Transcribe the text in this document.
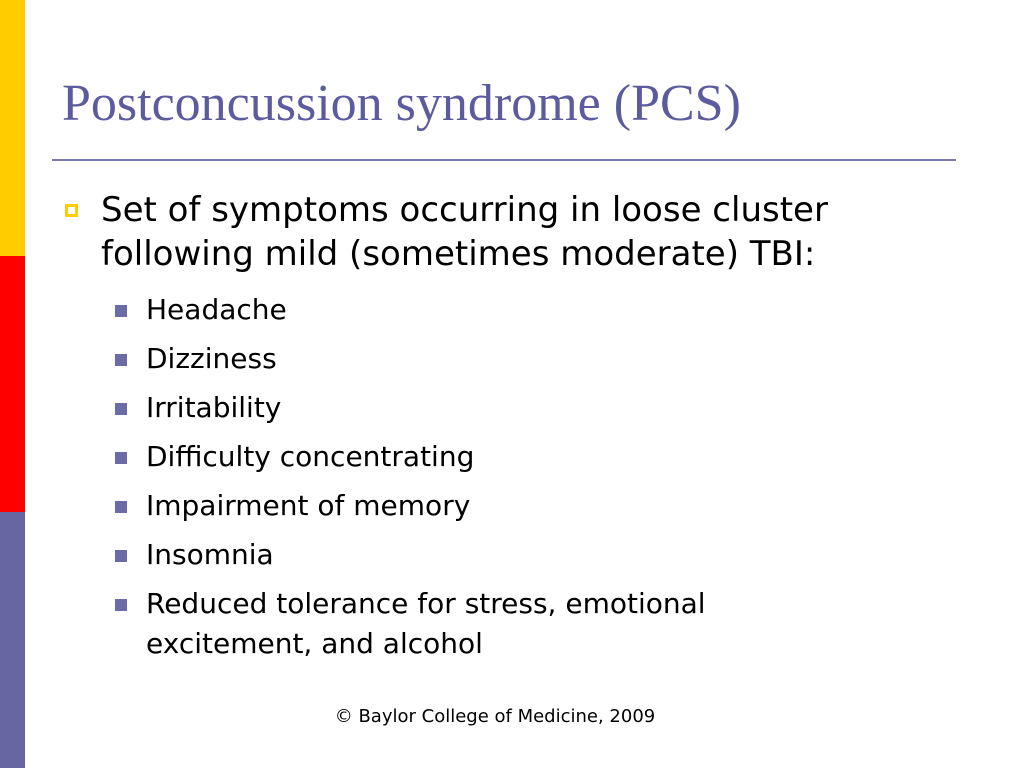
Postconcussion syndrome (PCS)
Set of symptoms occurring in loose cluster following mild (sometimes moderate) TBI:
Headache
Dizziness
Irritability
Difficulty concentrating
Impairment of memory
Insomnia
Reduced tolerance for stress, emotional excitement, and alcohol
© Baylor College of Medicine, 2009
